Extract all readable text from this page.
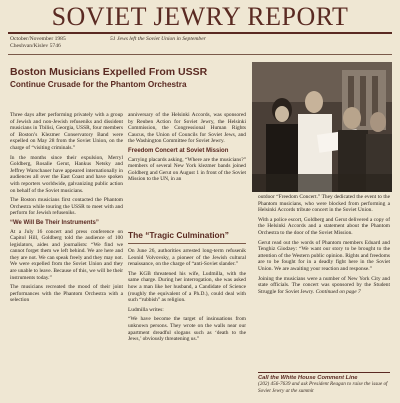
SOVIET JEWRY REPORT
October/November 1985
Cheshvan/Kislev 5746
51 Jews left the Soviet Union in September
Boston Musicians Expelled From USSR
Continue Crusade for the Phantom Orchestra

Three days after performing privately with a group of Jewish and non-Jewish refuseniks and dissident musicians in Tbilisi, Georgia, USSR, four members of Boston’s Klezmer Conservatory Band were expelled on May 28 from the Soviet Union, on the charge of “visiting criminals.”

In the months since their expulsion, Merryl Goldberg, Rosalie Gerut, Hankus Netsky and Jeffrey Warschauer have appeared internationally in audiences all over the East Coast and have spoken with reporters worldwide, galvanizing public action on behalf of the Soviet musicians.

The Boston musicians first contacted the Phantom Orchestra while touring the USSR to meet with and perform for Jewish refuseniks.

“We Will Be Their Instruments”

At a July 16 concert and press conference on Capitol Hill, Goldberg told the audience of 100 legislators, aides and journalists: “We find we cannot forget them we left behind. We are here and they are not. We can speak freely and they may not. We were expelled from the Soviet Union and they are unable to leave. Because of this, we will be their instruments today.”

The musicians recreated the mood of their joint performances with the Phantom Orchestra with a selection

anniversary of the Helsinki Accords, was sponsored by Reuben Action for Soviet Jewry, the Helsinki Commission, the Congressional Human Rights Caucus, the Union of Councils for Soviet Jews, and the Washington Committee for Soviet Jewry.

Freedom Concert at Soviet Mission

Carrying placards asking, “Where are the musicians?” members of several New York klezmer bands joined Goldberg and Gerut on August 1 in front of the Soviet Mission to the UN, in an

The “Tragic Culmination”

On June 26, authorities arrested long-term refusenik Leonid Volvovsky, a pioneer of the Jewish cultural renaissance, on the charge of “anti-Soviet slander.”

The KGB threatened his wife, Ludmilla, with the same charge. During her interrogation, she was asked how a man like her husband, a Candidate of Science (roughly the equivalent of a Ph.D.), could deal with such “rubbish” as religion.

Ludmilla writes:

“We have become the target of insinuations from unknown persons. They wrote on the walls near our apartment dreadful slogans such as ‘death to the Jews,’ obviously threatening us.”

outdoor “Freedom Concert.” They dedicated the event to the Phantom musicians, who were blocked from performing a Helsinki Accords tribute concert in the Soviet Union.

With a police escort, Goldberg and Gerut delivered a copy of the Helsinki Accords and a statement about the Phantom Orchestra to the door of the Soviet Mission.

Gerut read out the words of Phantom members Eduard and Tenghiz Giodzey: “We want our story to be brought to the attention of the Western public opinion. Rights and freedoms are to be fought for in a deadly fight here in the Soviet Union. We are awaiting your reaction and response.”

Joining the musicians were a number of New York City and state officials. The concert was sponsored by the Student Struggle for Soviet Jewry. Continued on page 7

Call the White House Comment Line
(202) 456-7639 and ask President Reagan to raise the issue of Soviet Jewry at the summit
